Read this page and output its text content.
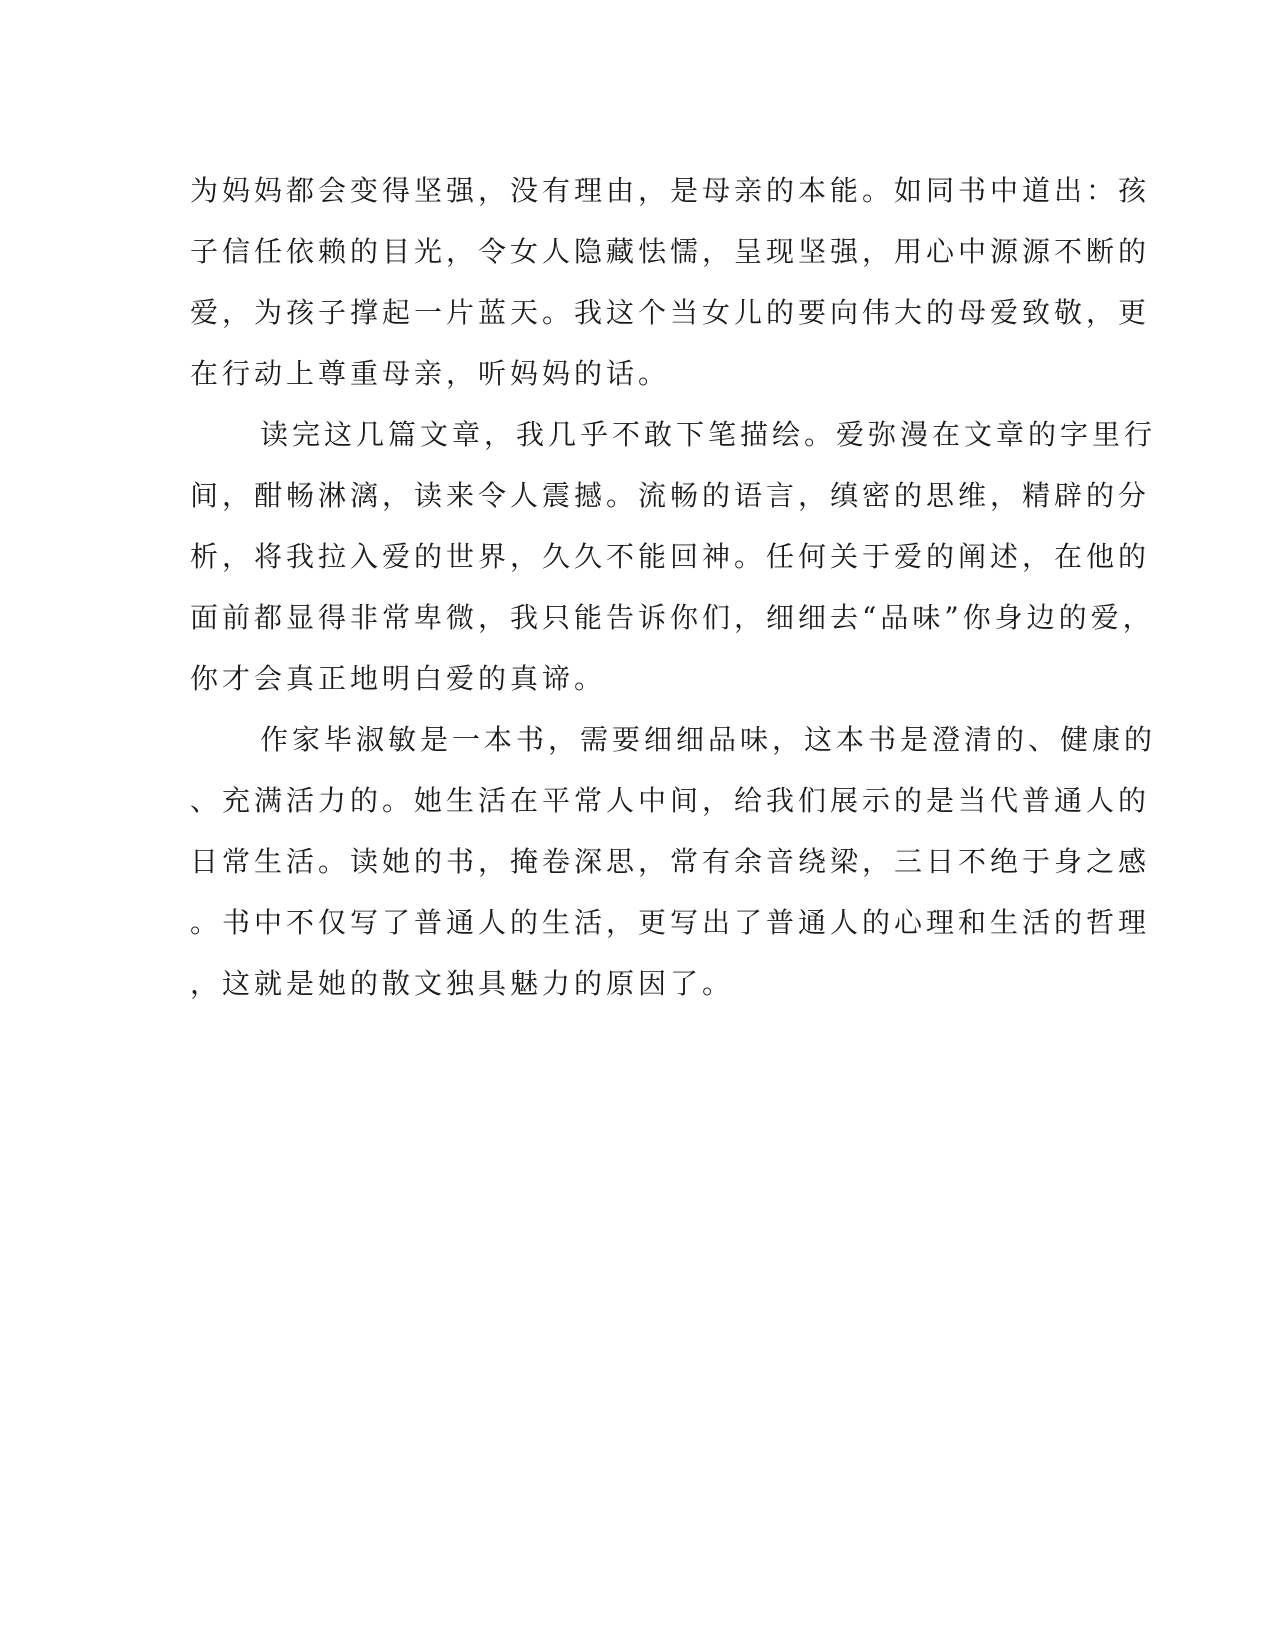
为妈妈都会变得坚强，没有理由，是母亲的本能。如同书中道出：孩
子信任依赖的目光，令女人隐藏怯懦，呈现坚强，用心中源源不断的
爱，为孩子撑起一片蓝天。我这个当女儿的要向伟大的母爱致敬，更
在行动上尊重母亲，听妈妈的话。
读完这几篇文章，我几乎不敢下笔描绘。爱弥漫在文章的字里行
间，酣畅淋漓，读来令人震撼。流畅的语言，缜密的思维，精辟的分
析，将我拉入爱的世界，久久不能回神。任何关于爱的阐述，在他的
面前都显得非常卑微，我只能告诉你们，细细去“品味”你身边的爱，
你才会真正地明白爱的真谛。
作家毕淑敏是一本书，需要细细品味，这本书是澄清的、健康的
、充满活力的。她生活在平常人中间，给我们展示的是当代普通人的
日常生活。读她的书，掩卷深思，常有余音绕梁，三日不绝于身之感
。书中不仅写了普通人的生活，更写出了普通人的心理和生活的哲理
，这就是她的散文独具魅力的原因了。
